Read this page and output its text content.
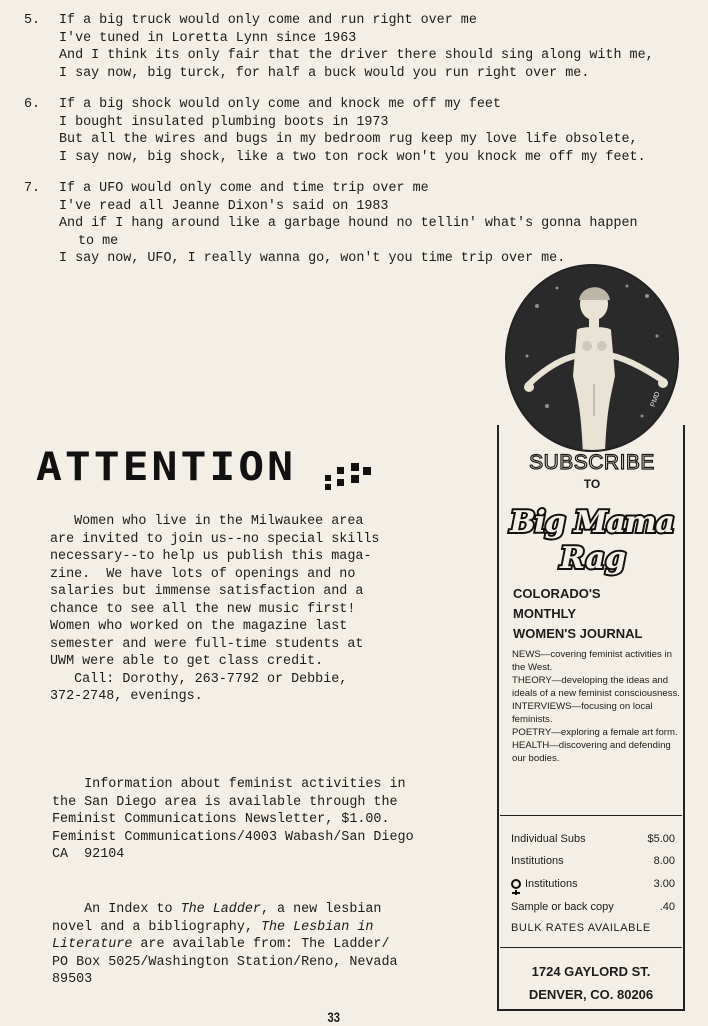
5. If a big truck would only come and run right over me
I've tuned in Loretta Lynn since 1963
And I think its only fair that the driver there should sing along with me,
I say now, big turck, for half a buck would you run right over me.
6. If a big shock would only come and knock me off my feet
I bought insulated plumbing boots in 1973
But all the wires and bugs in my bedroom rug keep my love life obsolete,
I say now, big shock, like a two ton rock won't you knock me off my feet.
7. If a UFO would only come and time trip over me
I've read all Jeanne Dixon's said on 1983
And if I hang around like a garbage hound no tellin' what's gonna happen
to me
I say now, UFO, I really wanna go, won't you time trip over me.
ATTENTION
Women who live in the Milwaukee area
are invited to join us--no special skills
necessary--to help us publish this maga-
zine.  We have lots of openings and no
salaries but immense satisfaction and a
chance to see all the new music first!
Women who worked on the magazine last
semester and were full-time students at
UWM were able to get class credit.
Call: Dorothy, 263-7792 or Debbie,
372-2748, evenings.
Information about feminist activities in
the San Diego area is available through the
Feminist Communications Newsletter, $1.00.
Feminist Communications/4003 Wabash/San Diego
CA  92104
An Index to The Ladder, a new lesbian
novel and a bibliography, The Lesbian in
Literature are available from: The Ladder/
PO Box 5025/Washington Station/Reno, Nevada
89503
PMD
SUBSCRIBE
TO
Big Mama
Rag
COLORADO'S
MONTHLY
WOMEN'S JOURNAL
NEWS—covering feminist activities in the West.
THEORY—developing the ideas and ideals of a new feminist consciousness.
INTERVIEWS—focusing on local feminists.
POETRY—exploring a female art form.
HEALTH—discovering and defending our bodies.
Individual Subs	$5.00
Institutions	8.00
Institutions	3.00
Sample or back copy	.40
BULK RATES AVAILABLE
1724 GAYLORD ST.
DENVER, CO. 80206
33
